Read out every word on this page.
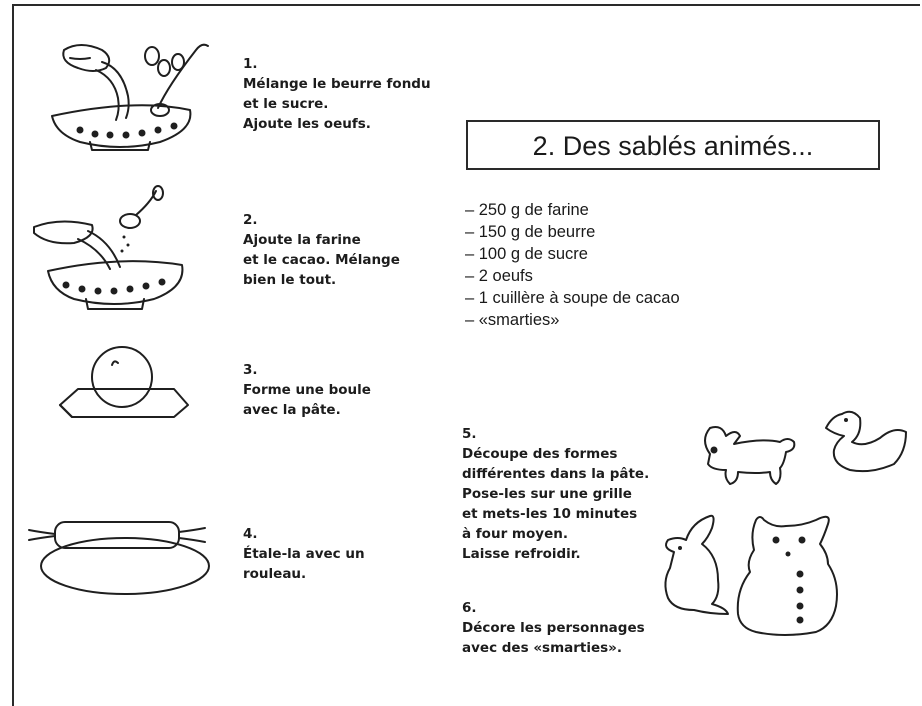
2. Des sablés animés...
– 250 g de farine
– 150 g de beurre
– 100 g de sucre
– 2 oeufs
– 1 cuillère à soupe de cacao
– «smarties»
1.
Mélange le beurre fondu
et le sucre.
Ajoute les oeufs.
2.
Ajoute la farine
et le cacao. Mélange
bien le tout.
3.
Forme une boule
avec la pâte.
4.
Étale-la avec un
rouleau.
5.
Découpe des formes
différentes dans la pâte.
Pose-les sur une grille
et mets-les 10 minutes
à four moyen.
Laisse refroidir.
6.
Décore les personnages
avec des «smarties».
